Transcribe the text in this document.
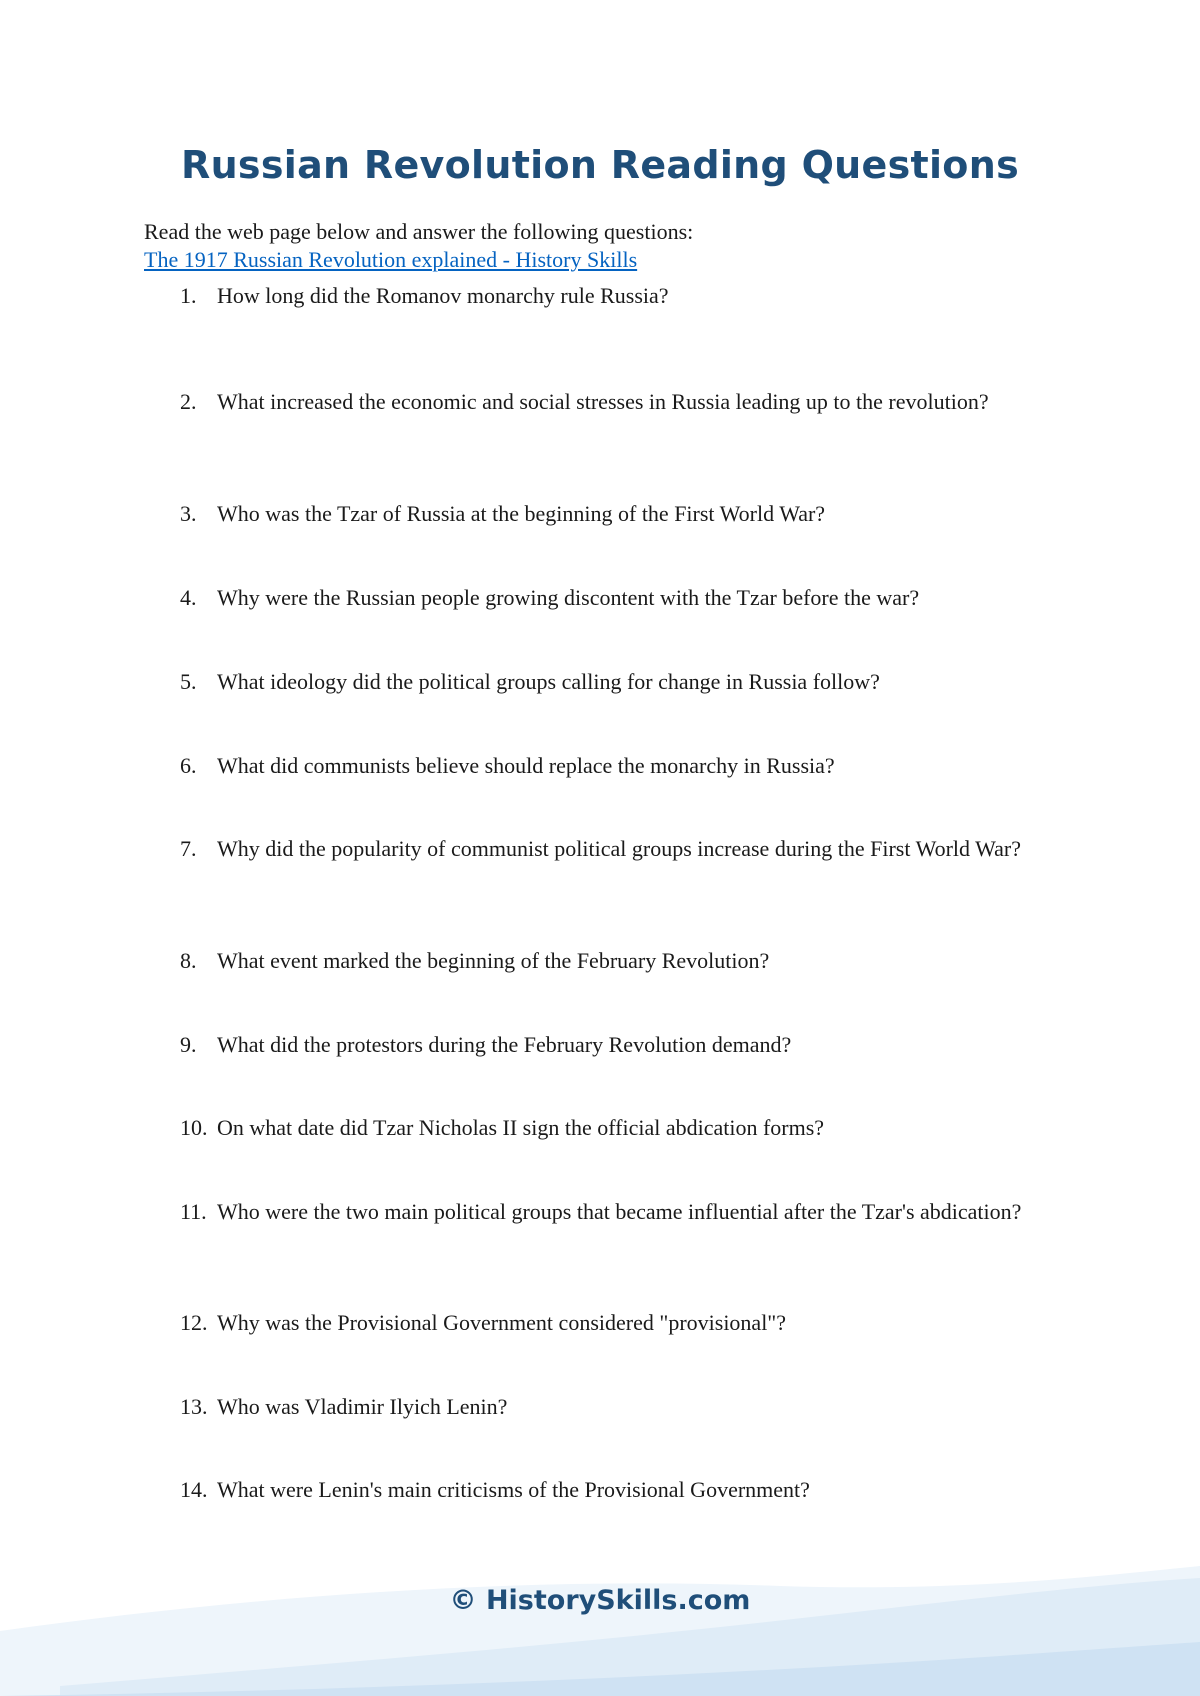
Russian Revolution Reading Questions
Read the web page below and answer the following questions:
The 1917 Russian Revolution explained - History Skills
1. How long did the Romanov monarchy rule Russia?
2. What increased the economic and social stresses in Russia leading up to the revolution?
3. Who was the Tzar of Russia at the beginning of the First World War?
4. Why were the Russian people growing discontent with the Tzar before the war?
5. What ideology did the political groups calling for change in Russia follow?
6. What did communists believe should replace the monarchy in Russia?
7. Why did the popularity of communist political groups increase during the First World War?
8. What event marked the beginning of the February Revolution?
9. What did the protestors during the February Revolution demand?
10. On what date did Tzar Nicholas II sign the official abdication forms?
11. Who were the two main political groups that became influential after the Tzar's abdication?
12. Why was the Provisional Government considered "provisional"?
13. Who was Vladimir Ilyich Lenin?
14. What were Lenin's main criticisms of the Provisional Government?
© HistorySkills.com
